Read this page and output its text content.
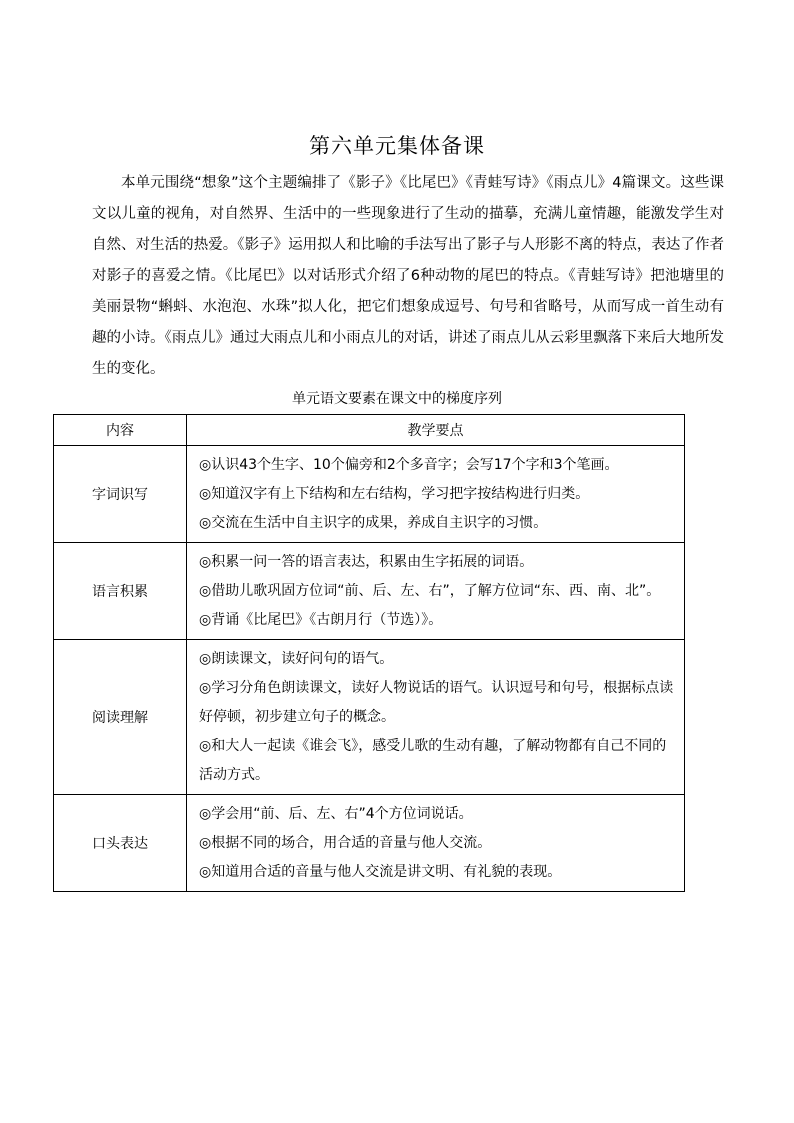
第六单元集体备课

本单元围绕“想象”这个主题编排了《影子》《比尾巴》《青蛙写诗》《雨点儿》4篇课文。这些课文以儿童的视角，对自然界、生活中的一些现象进行了生动的描摹，充满儿童情趣，能激发学生对自然、对生活的热爱。《影子》运用拟人和比喻的手法写出了影子与人形影不离的特点，表达了作者对影子的喜爱之情。《比尾巴》以对话形式介绍了6种动物的尾巴的特点。《青蛙写诗》把池塘里的美丽景物“蝌蚪、水泡泡、水珠”拟人化，把它们想象成逗号、句号和省略号，从而写成一首生动有趣的小诗。《雨点儿》通过大雨点儿和小雨点儿的对话，讲述了雨点儿从云彩里飘落下来后大地所发生的变化。

单元语文要素在课文中的梯度序列

内容	教学要点
字词识写	◎认识43个生字、10个偏旁和2个多音字；会写17个字和3个笔画。
◎知道汉字有上下结构和左右结构，学习把字按结构进行归类。
◎交流在生活中自主识字的成果，养成自主识字的习惯。

语言积累	◎积累一问一答的语言表达，积累由生字拓展的词语。
◎借助儿歌巩固方位词“前、后、左、右”，了解方位词“东、西、南、北”。
◎背诵《比尾巴》《古朗月行（节选）》。

阅读理解	◎朗读课文，读好问句的语气。
◎学习分角色朗读课文，读好人物说话的语气。认识逗号和句号，根据标点读好停顿，初步建立句子的概念。
◎和大人一起读《谁会飞》，感受儿歌的生动有趣，了解动物都有自己不同的活动方式。

口头表达	◎学会用“前、后、左、右”4个方位词说话。
◎根据不同的场合，用合适的音量与他人交流。
◎知道用合适的音量与他人交流是讲文明、有礼貌的表现。
